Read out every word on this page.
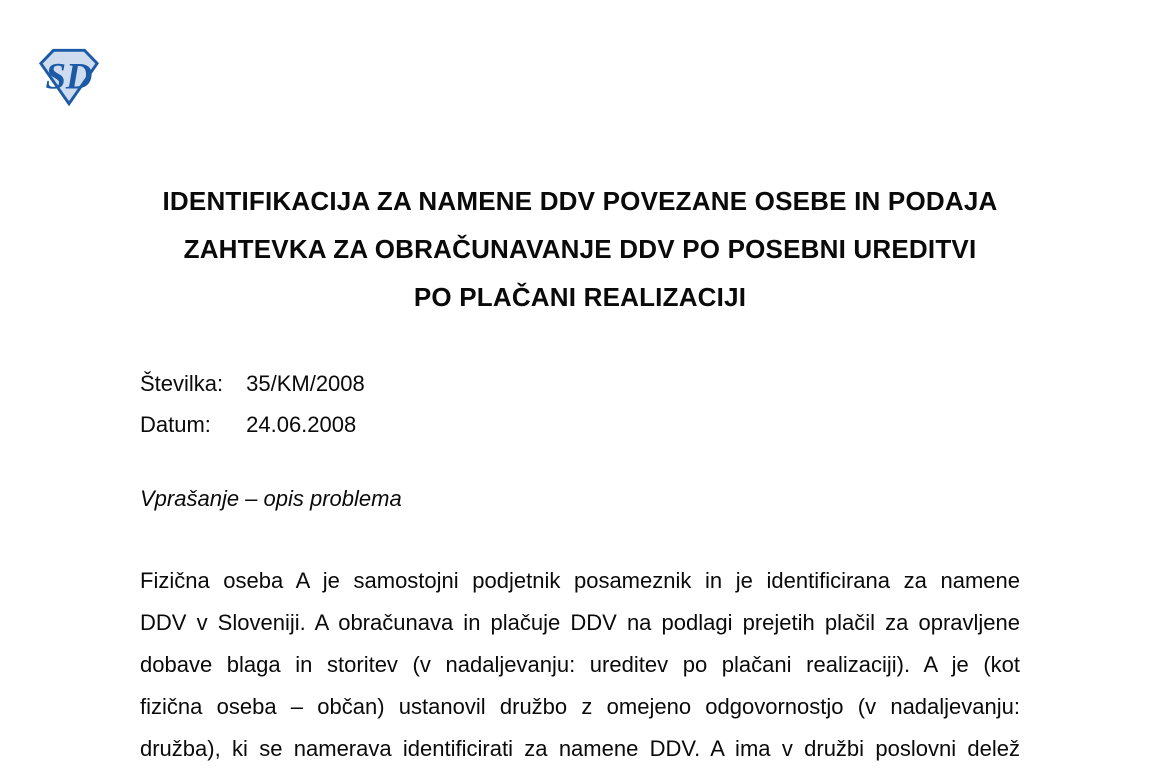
SD
IDENTIFIKACIJA ZA NAMENE DDV POVEZANE OSEBE IN PODAJA
ZAHTEVKA ZA OBRAČUNAVANJE DDV PO POSEBNI UREDITVI
PO PLAČANI REALIZACIJI
Številka: 35/KM/2008
Datum: 24.06.2008
Vprašanje – opis problema
Fizična oseba A je samostojni podjetnik posameznik in je identificirana za namene
DDV v Sloveniji. A obračunava in plačuje DDV na podlagi prejetih plačil za opravljene
dobave blaga in storitev (v nadaljevanju: ureditev po plačani realizaciji). A je (kot
fizična oseba – občan) ustanovil družbo z omejeno odgovornostjo (v nadaljevanju:
družba), ki se namerava identificirati za namene DDV. A ima v družbi poslovni delež
